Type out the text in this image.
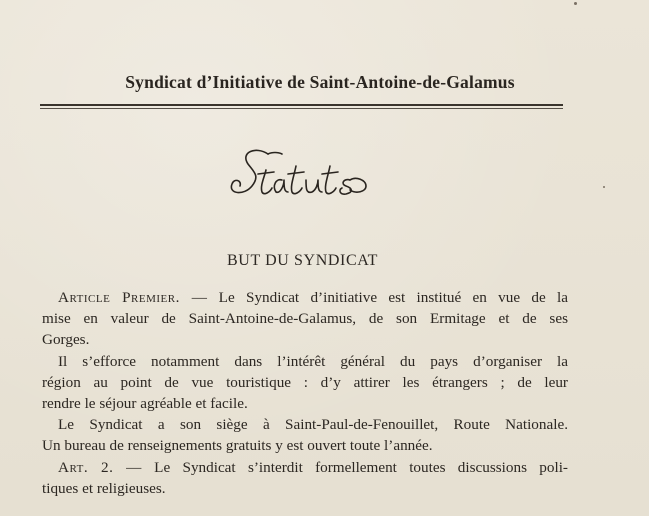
Syndicat d’Initiative de Saint-Antoine-de-Galamus
BUT DU SYNDICAT
Article Premier. — Le Syndicat d’initiative est institué en vue de la
mise en valeur de Saint-Antoine-de-Galamus, de son Ermitage et de ses
Gorges.
Il s’efforce notamment dans l’intérêt général du pays d’organiser la
région au point de vue touristique : d’y attirer les étrangers ; de leur
rendre le séjour agréable et facile.
Le Syndicat a son siège à Saint-Paul-de-Fenouillet, Route Nationale.
Un bureau de renseignements gratuits y est ouvert toute l’année.
Art. 2. — Le Syndicat s’interdit formellement toutes discussions poli-
tiques et religieuses.
